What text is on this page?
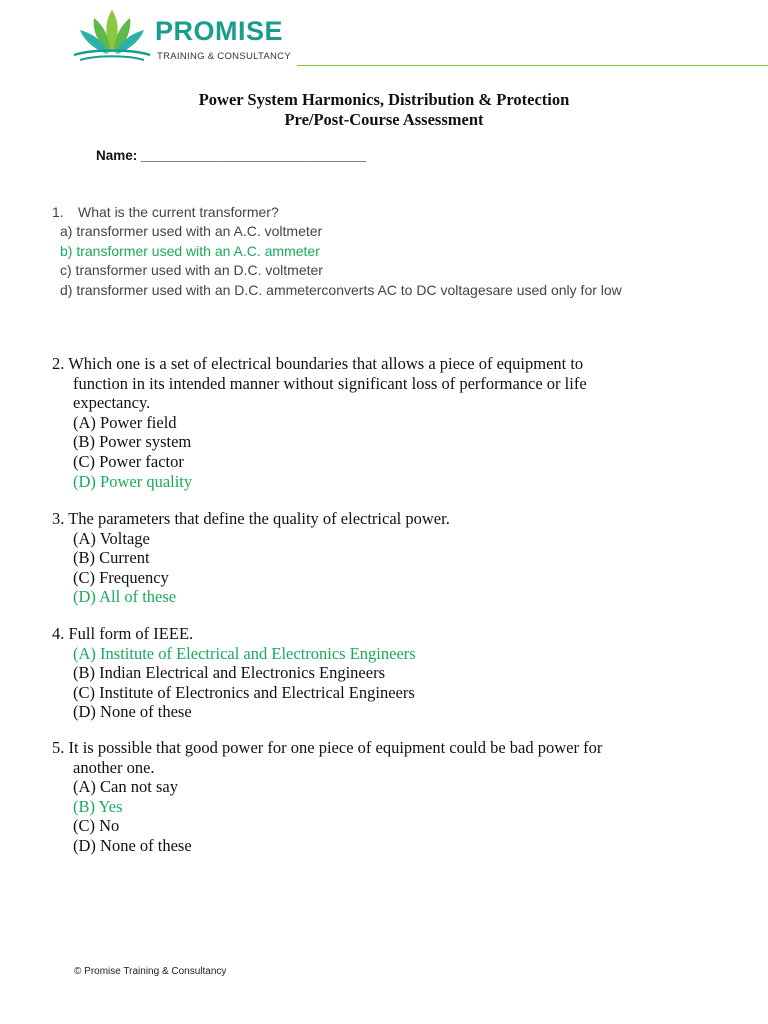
PROMISE
TRAINING & CONSULTANCY
Power System Harmonics, Distribution & Protection
Pre/Post-Course Assessment
Name: ______________________________
1. What is the current transformer?
a) transformer used with an A.C. voltmeter
b) transformer used with an A.C. ammeter
c) transformer used with an D.C. voltmeter
d) transformer used with an D.C. ammeterconverts AC to DC voltagesare used only for low
2. Which one is a set of electrical boundaries that allows a piece of equipment to
function in its intended manner without significant loss of performance or life
expectancy.
(A) Power field
(B) Power system
(C) Power factor
(D) Power quality
3. The parameters that define the quality of electrical power.
(A) Voltage
(B) Current
(C) Frequency
(D) All of these
4. Full form of IEEE.
(A) Institute of Electrical and Electronics Engineers
(B) Indian Electrical and Electronics Engineers
(C) Institute of Electronics and Electrical Engineers
(D) None of these
5. It is possible that good power for one piece of equipment could be bad power for
another one.
(A) Can not say
(B) Yes
(C) No
(D) None of these
© Promise Training & Consultancy
